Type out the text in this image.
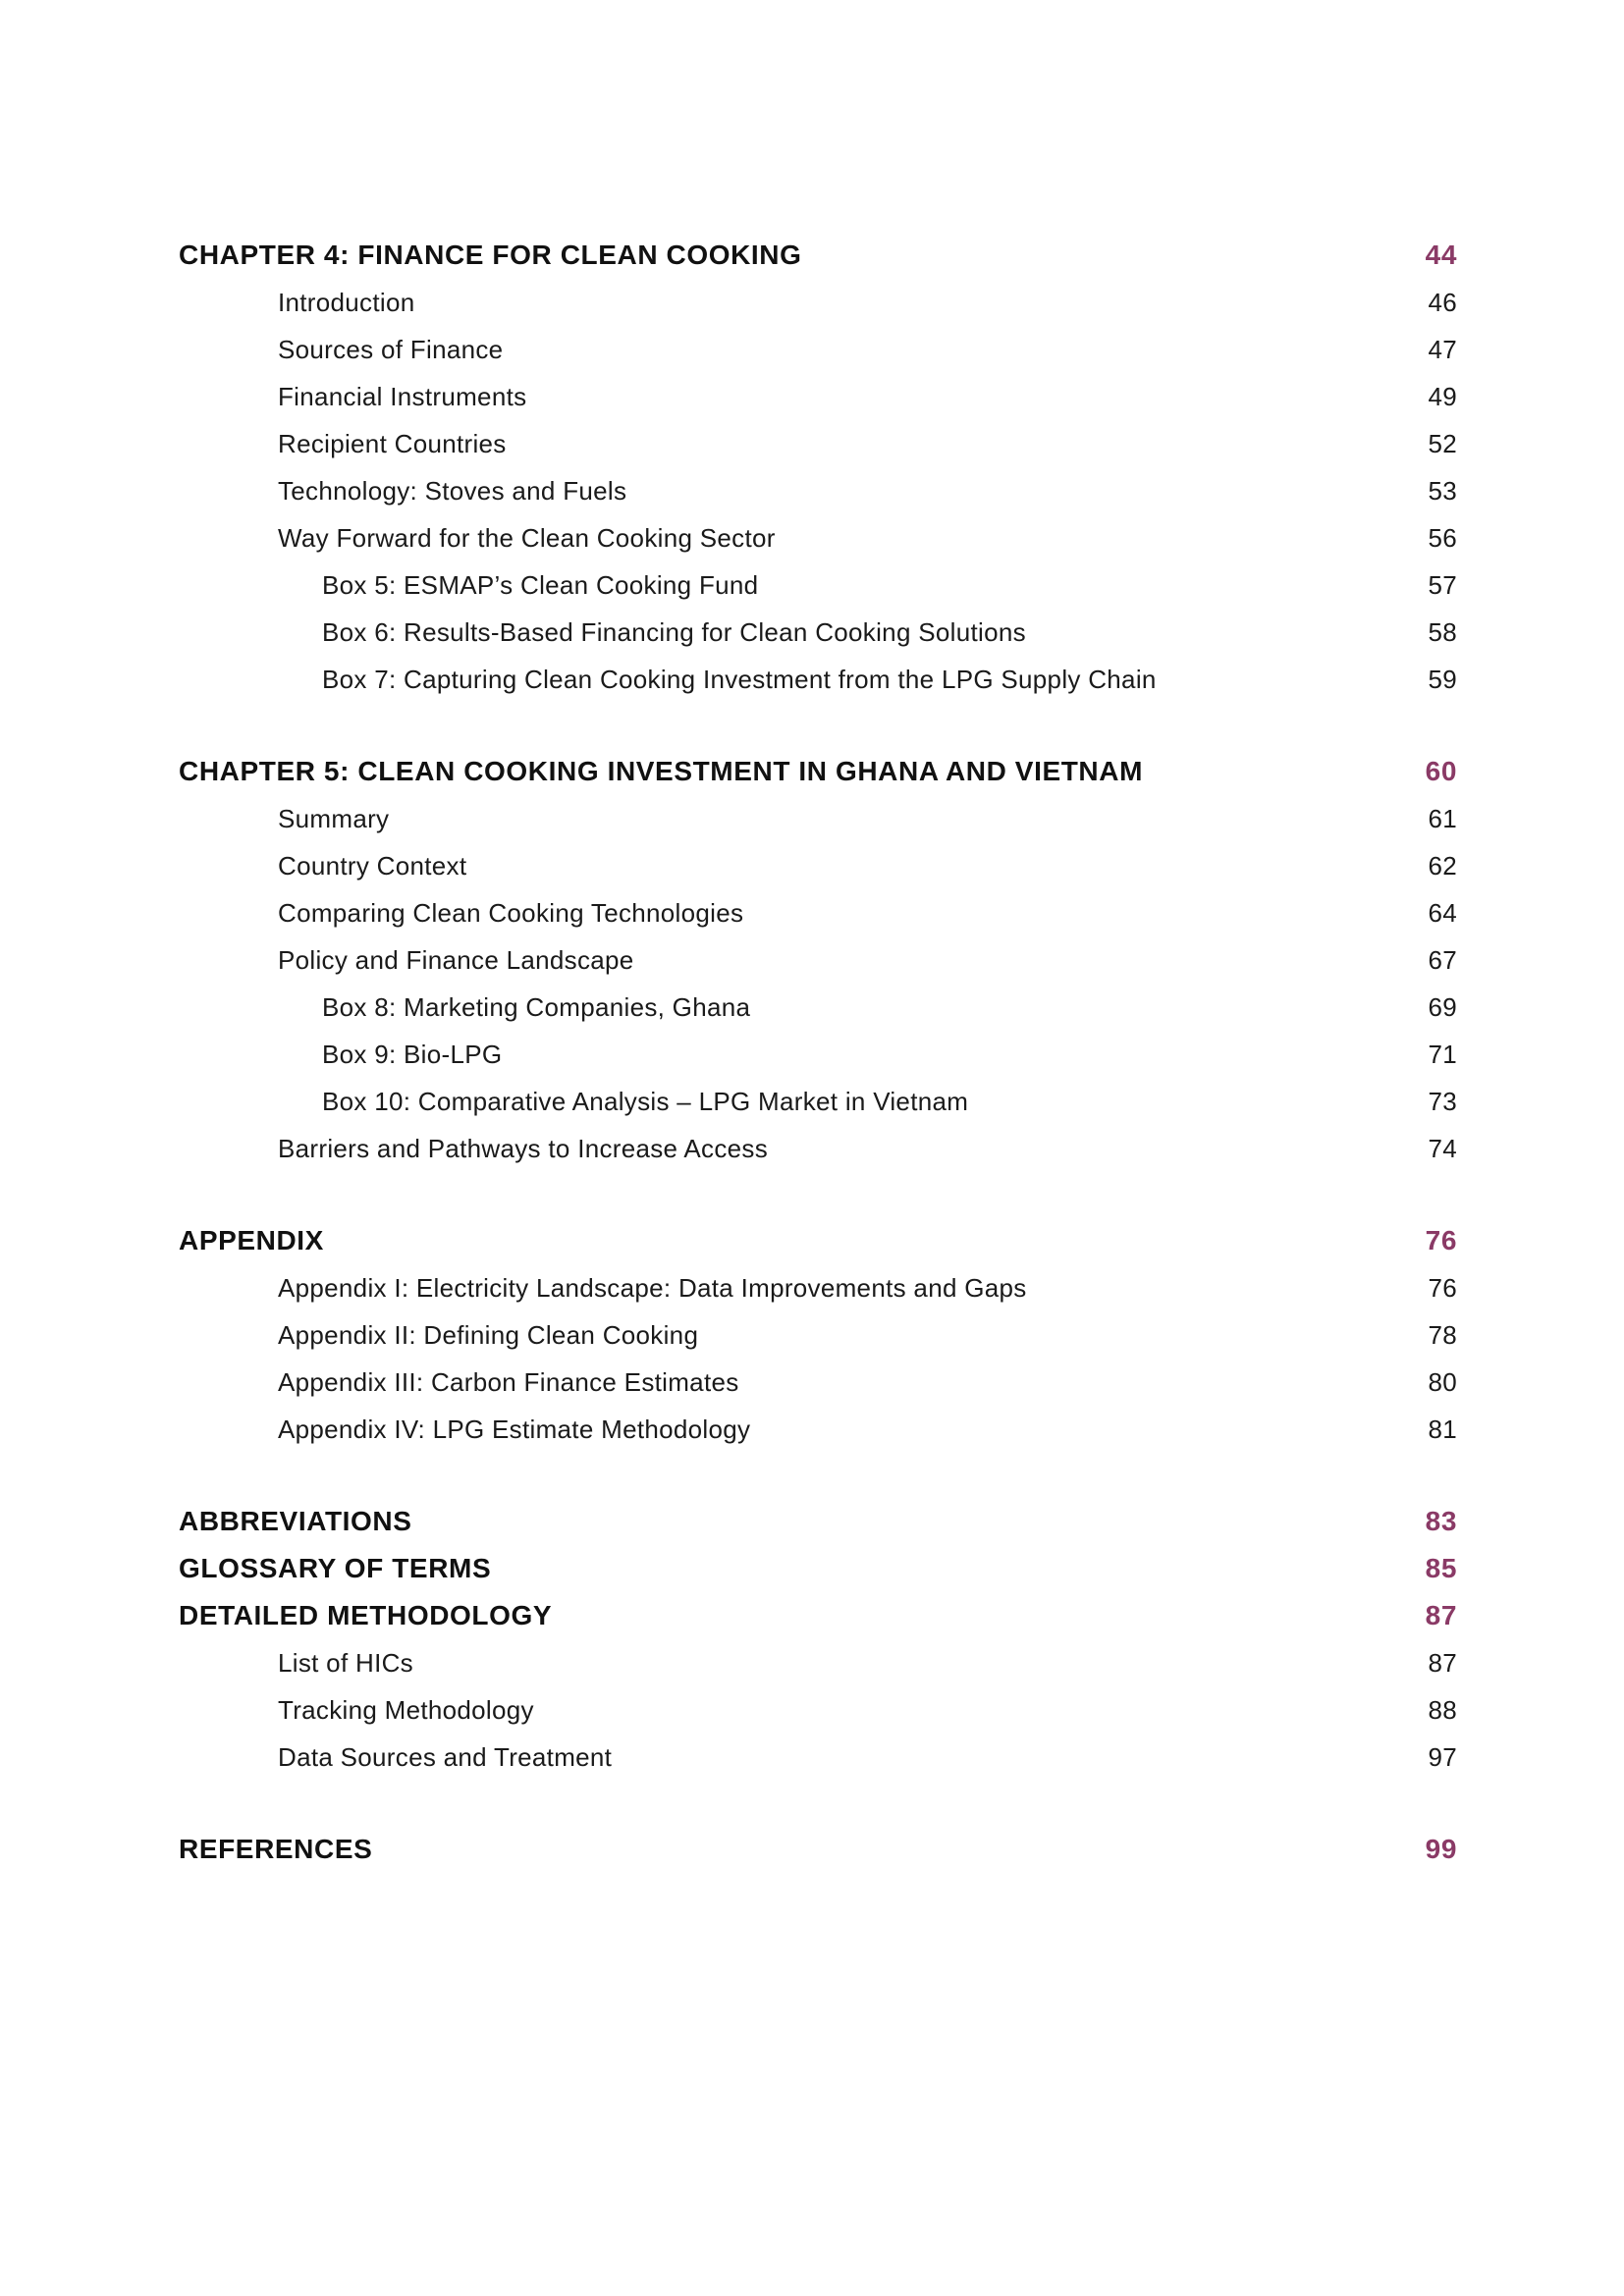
CHAPTER 4: FINANCE FOR CLEAN COOKING	44
Introduction	46
Sources of Finance	47
Financial Instruments	49
Recipient Countries	52
Technology: Stoves and Fuels	53
Way Forward for the Clean Cooking Sector	56
Box 5: ESMAP’s Clean Cooking Fund	57
Box 6: Results-Based Financing for Clean Cooking Solutions	58
Box 7: Capturing Clean Cooking Investment from the LPG Supply Chain	59
CHAPTER 5: CLEAN COOKING INVESTMENT IN GHANA AND VIETNAM	60
Summary	61
Country Context	62
Comparing Clean Cooking Technologies	64
Policy and Finance Landscape	67
Box 8: Marketing Companies, Ghana	69
Box 9: Bio-LPG	71
Box 10: Comparative Analysis – LPG Market in Vietnam	73
Barriers and Pathways to Increase Access	74
APPENDIX	76
Appendix I: Electricity Landscape: Data Improvements and Gaps	76
Appendix II: Defining Clean Cooking	78
Appendix III: Carbon Finance Estimates	80
Appendix IV: LPG Estimate Methodology	81
ABBREVIATIONS	83
GLOSSARY OF TERMS	85
DETAILED METHODOLOGY	87
List of HICs	87
Tracking Methodology	88
Data Sources and Treatment	97
REFERENCES	99
